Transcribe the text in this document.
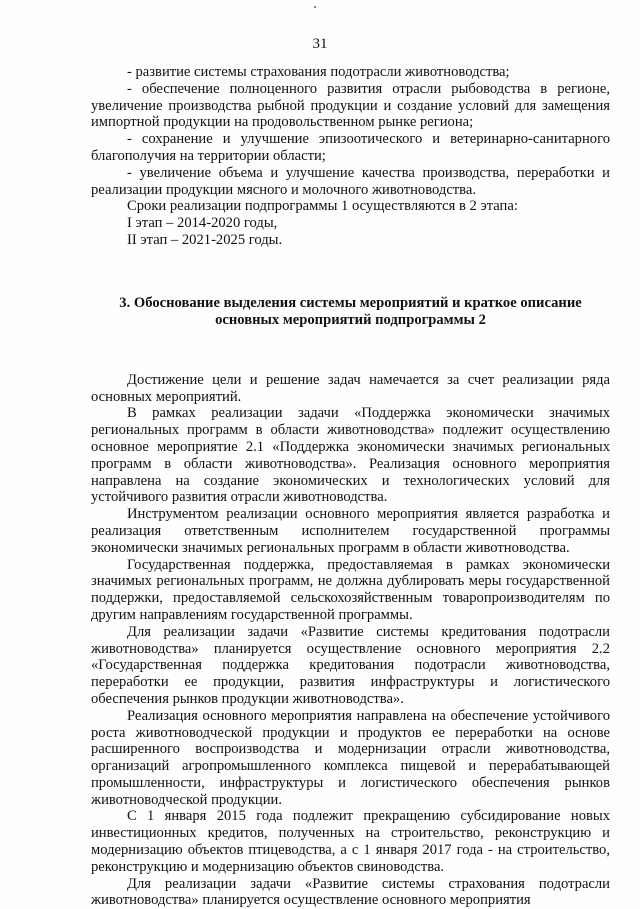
31

- развитие системы страхования подотрасли животноводства;

- обеспечение полноценного развития отрасли рыбоводства в регионе, увеличение производства рыбной продукции и создание условий для замещения импортной продукции на продовольственном рынке региона;

- сохранение и улучшение эпизоотического и ветеринарно-санитарного благополучия на территории области;

- увеличение объема и улучшение качества производства, переработки и реализации продукции мясного и молочного животноводства.

Сроки реализации подпрограммы 1 осуществляются в 2 этапа:

I этап – 2014-2020 годы,

II этап – 2021-2025 годы.

3. Обоснование выделения системы мероприятий и краткое описание
основных мероприятий подпрограммы 2

Достижение цели и решение задач намечается за счет реализации ряда основных мероприятий.

В рамках реализации задачи «Поддержка экономически значимых региональных программ в области животноводства» подлежит осуществлению основное мероприятие 2.1 «Поддержка экономически значимых региональных программ в области животноводства». Реализация основного мероприятия направлена на создание экономических и технологических условий для устойчивого развития отрасли животноводства.

Инструментом реализации основного мероприятия является разработка и реализация ответственным исполнителем государственной программы экономически значимых региональных программ в области животноводства.

Государственная поддержка, предоставляемая в рамках экономически значимых региональных программ, не должна дублировать меры государственной поддержки, предоставляемой сельскохозяйственным товаропроизводителям по другим направлениям государственной программы.

Для реализации задачи «Развитие системы кредитования подотрасли животноводства» планируется осуществление основного мероприятия 2.2 «Государственная поддержка кредитования подотрасли животноводства, переработки ее продукции, развития инфраструктуры и логистического обеспечения рынков продукции животноводства».

Реализация основного мероприятия направлена на обеспечение устойчивого роста животноводческой продукции и продуктов ее переработки на основе расширенного воспроизводства и модернизации отрасли животноводства, организаций агропромышленного комплекса пищевой и перерабатывающей промышленности, инфраструктуры и логистического обеспечения рынков животноводческой продукции.

С 1 января 2015 года подлежит прекращению субсидирование новых инвестиционных кредитов, полученных на строительство, реконструкцию и модернизацию объектов птицеводства, а с 1 января 2017 года - на строительство, реконструкцию и модернизацию объектов свиноводства.

Для реализации задачи «Развитие системы страхования подотрасли животноводства» планируется осуществление основного мероприятия
